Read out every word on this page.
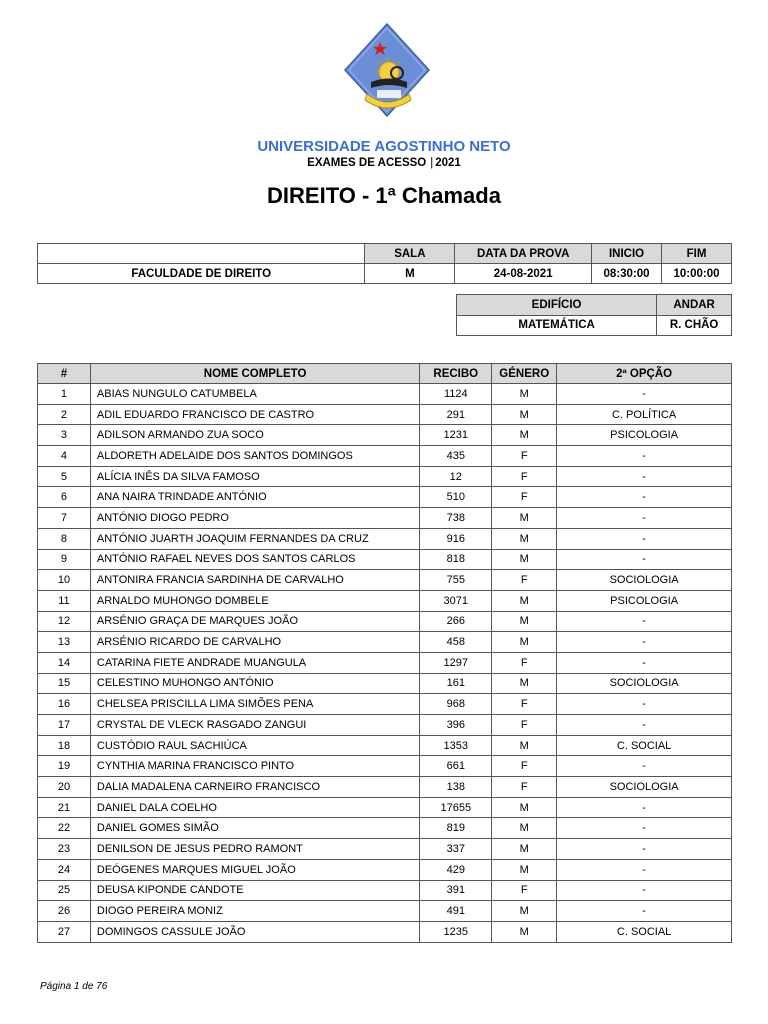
UNIVERSIDADE AGOSTINHO NETO
EXAMES DE ACESSO | 2021
DIREITO - 1ª Chamada
	SALA	DATA DA PROVA	INICIO	FIM
FACULDADE DE DIREITO	M	24-08-2021	08:30:00	10:00:00
EDIFÍCIO	ANDAR
MATEMÁTICA	R. CHÃO
#	NOME COMPLETO	RECIBO	GÉNERO	2ª OPÇÃO
1	ABIAS NUNGULO CATUMBELA	1124	M	-
2	ADIL EDUARDO FRANCISCO DE CASTRO	291	M	C. POLÍTICA
3	ADILSON ARMANDO ZUA SOCO	1231	M	PSICOLOGIA
4	ALDORETH ADELAIDE DOS SANTOS DOMINGOS	435	F	-
5	ALÍCIA INÊS DA SILVA FAMOSO	12	F	-
6	ANA NAIRA TRINDADE ANTÓNIO	510	F	-
7	ANTÓNIO DIOGO PEDRO	738	M	-
8	ANTÓNIO JUARTH JOAQUIM FERNANDES DA CRUZ	916	M	-
9	ANTÓNIO RAFAEL NEVES DOS SANTOS CARLOS	818	M	-
10	ANTONIRA FRANCIA SARDINHA DE CARVALHO	755	F	SOCIOLOGIA
11	ARNALDO MUHONGO DOMBELE	3071	M	PSICOLOGIA
12	ARSÉNIO GRAÇA DE MARQUES JOÃO	266	M	-
13	ARSÉNIO RICARDO DE CARVALHO	458	M	-
14	CATARINA FIETE ANDRADE MUANGULA	1297	F	-
15	CELESTINO MUHONGO ANTÓNIO	161	M	SOCIOLOGIA
16	CHELSEA PRISCILLA LIMA SIMÕES PENA	968	F	-
17	CRYSTAL DE VLECK RASGADO ZANGUI	396	F	-
18	CUSTÓDIO RAUL SACHIÚCA	1353	M	C. SOCIAL
19	CYNTHIA MARINA FRANCISCO PINTO	661	F	-
20	DALIA MADALENA CARNEIRO FRANCISCO	138	F	SOCIOLOGIA
21	DANIEL DALA COELHO	17655	M	-
22	DANIEL GOMES SIMÃO	819	M	-
23	DENILSON DE JESUS PEDRO RAMONT	337	M	-
24	DEÓGENES MARQUES MIGUEL JOÃO	429	M	-
25	DEUSA KIPONDE CANDOTE	391	F	-
26	DIOGO PEREIRA MONIZ	491	M	-
27	DOMINGOS CASSULE JOÃO	1235	M	C. SOCIAL
Página 1 de 76
